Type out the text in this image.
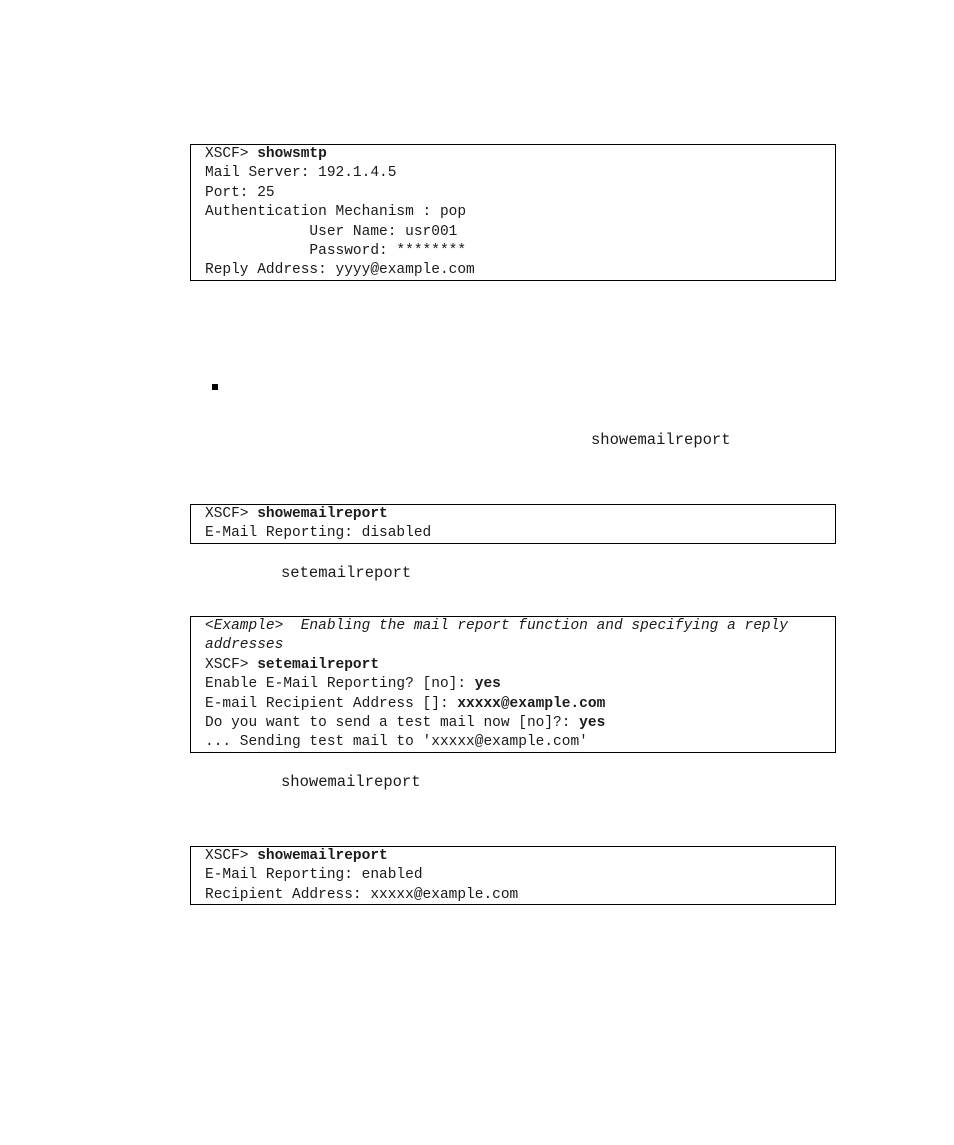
XSCF> showsmtp
Mail Server: 192.1.4.5
Port: 25
Authentication Mechanism : pop
User Name: usr001
Password: ********
Reply Address: yyyy@example.com
showemailreport
XSCF> showemailreport
E-Mail Reporting: disabled
setemailreport
<Example>  Enabling the mail report function and specifying a reply
addresses
XSCF> setemailreport
Enable E-Mail Reporting? [no]: yes
E-mail Recipient Address []: xxxxx@example.com
Do you want to send a test mail now [no]?: yes
... Sending test mail to 'xxxxx@example.com'
showemailreport
XSCF> showemailreport
E-Mail Reporting: enabled
Recipient Address: xxxxx@example.com
